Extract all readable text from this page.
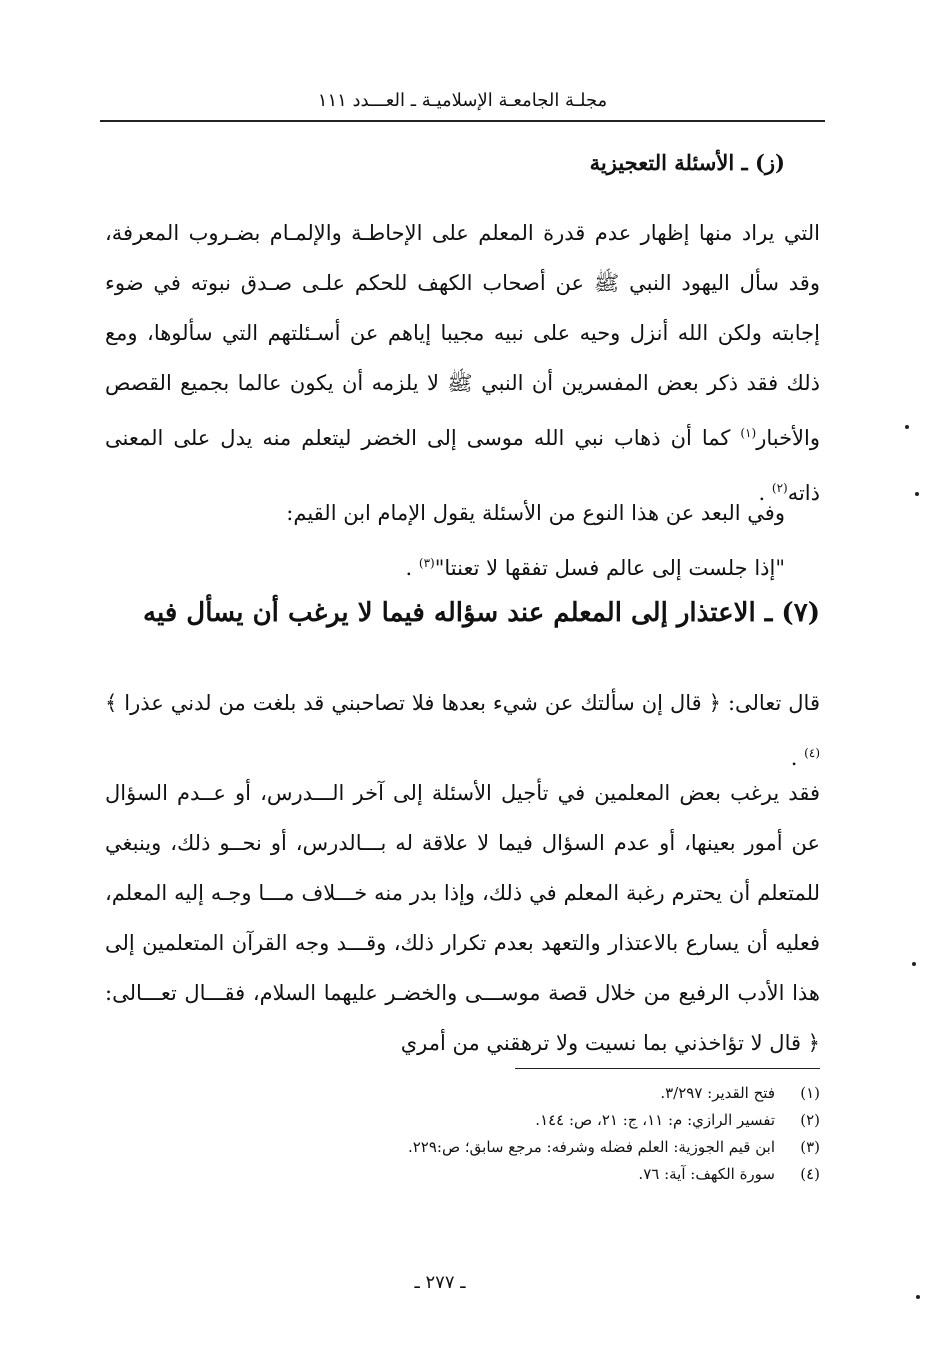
مجلـة الجامعـة الإسلاميـة ـ العـــدد ١١١
(ز) ـ الأسئلة التعجيزية

التي يراد منها إظهار عدم قدرة المعلم على الإحاطـة والإلمـام بضـروب المعرفة، وقد سأل اليهود النبي ﷺ عن أصحاب الكهف للحكم علـى صـدق نبوته في ضوء إجابته ولكن الله أنزل وحيه على نبيه مجيبا إياهم عن أسـئلتهم التي سألوها، ومع ذلك فقد ذكر بعض المفسرين أن النبي ﷺ لا يلزمه أن يكون عالما بجميع القصص والأخبار$^{(١)}$ كما أن ذهاب نبي الله موسى إلى الخضر ليتعلم منه يدل على المعنى ذاته$^{(٢)}$ .

وفي البعد عن هذا النوع من الأسئلة يقول الإمام ابن القيم:

"إذا جلست إلى عالم فسل تفقها لا تعنتا"$^{(٣)}$ .

(٧) ـ الاعتذار إلى المعلم عند سؤاله فيما لا يرغب أن يسأل فيه

قال تعالى: ﴿ قال إن سألتك عن شيء بعدها فلا تصاحبني قد بلغت من لدني عذرا ﴾$^{(٤)}$ .

فقد يرغب بعض المعلمين في تأجيل الأسئلة إلى آخر الـــدرس، أو عــدم السؤال عن أمور بعينها، أو عدم السؤال فيما لا علاقة له بـــالدرس، أو نحــو ذلك، وينبغي للمتعلم أن يحترم رغبة المعلم في ذلك، وإذا بدر منه خـــلاف مـــا وجـه إليه المعلم، فعليه أن يسارع بالاعتذار والتعهد بعدم تكرار ذلك، وقـــد وجه القرآن المتعلمين إلى هذا الأدب الرفيع من خلال قصة موســـى والخضـر عليهما السلام، فقـــال تعـــالى: ﴿ قال لا تؤاخذني بما نسيت ولا ترهقني من أمري

(١)فتح القدير: ٣/٢٩٧.
(٢)تفسير الرازي: م: ١١، ج: ٢١، ص: ١٤٤.
(٣)ابن قيم الجوزية: العلم فضله وشرفه: مرجع سابق؛ ص:٢٢٩.
(٤)سورة الكهف: آية: ٧٦.
ـ ٢٧٧ ـ
